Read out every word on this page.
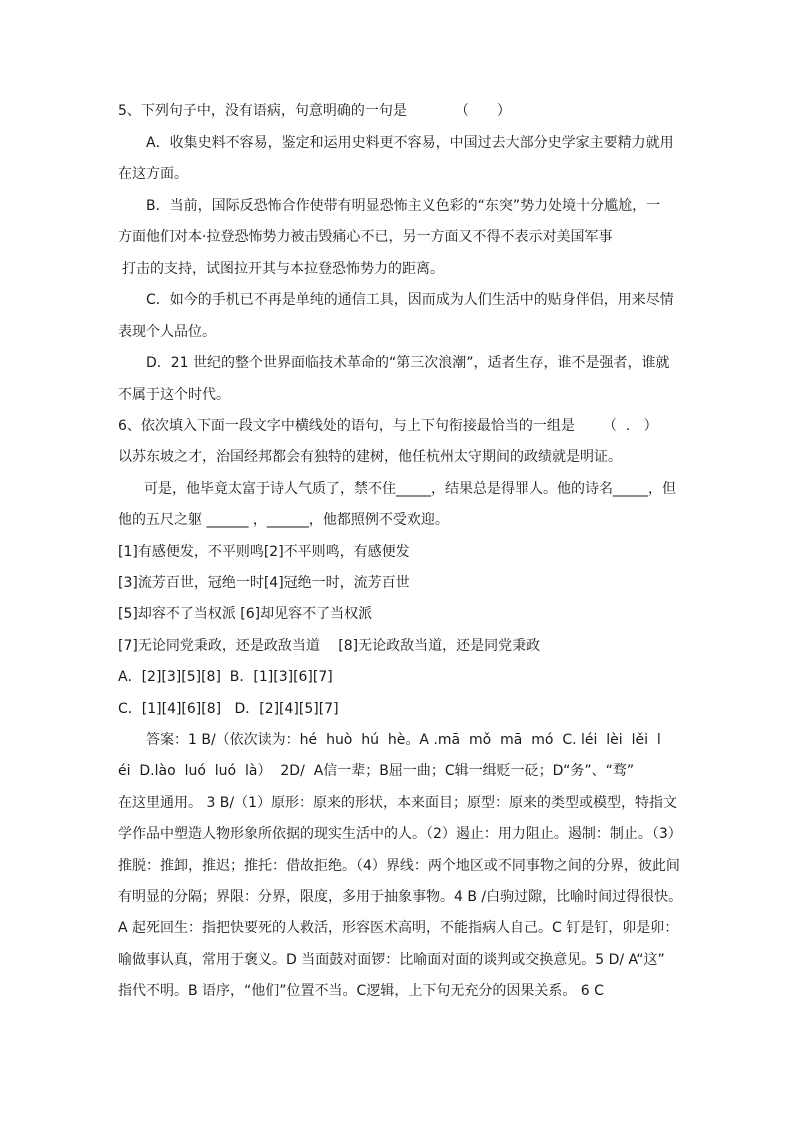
5、下列句子中，没有语病，句意明确的一句是	（　　）
A．收集史料不容易，鉴定和运用史料更不容易，中国过去大部分史学家主要精力就用
在这方面。
B．当前，国际反恐怖合作使带有明显恐怖主义色彩的“东突”势力处境十分尴尬，一
方面他们对本·拉登恐怖势力被击毁痛心不已，另一方面又不得不表示对美国军事
打击的支持，试图拉开其与本拉登恐怖势力的距离。
C．如今的手机已不再是单纯的通信工具，因而成为人们生活中的贴身伴侣，用来尽情
表现个人品位。
D．21 世纪的整个世界面临技术革命的“第三次浪潮”，适者生存，谁不是强者，谁就
不属于这个时代。
6、依次填入下面一段文字中横线处的语句，与上下句衔接最恰当的一组是 （  .   ）
以苏东坡之才，治国经邦都会有独特的建树，他任杭州太守期间的政绩就是明证。
可是，他毕竟太富于诗人气质了，禁不住_____，结果总是得罪人。他的诗名_____，但
他的五尺之躯 ______ ，______，他都照例不受欢迎。
[1]有感便发，不平则鸣[2]不平则鸣，有感便发
[3]流芳百世，冠绝一时[4]冠绝一时，流芳百世
[5]却容不了当权派 [6]却见容不了当权派
[7]无论同党秉政，还是政敌当道　 [8]无论政敌当道，还是同党秉政
A．[2][3][5][8]  B．[1][3][6][7]
C．[1][4][6][8]   D．[2][4][5][7]
答案：1 B/（依次读为：hé  huò  hú  hè。A .mā  mǒ  mā  mó  C. léi  lèi  lěi  l
éi  D.lào  luó  luó  là）  2D/  A信一辈；B屈一曲；C辑一缉贬一砭；D“务”、“骛”
在这里通用。 3 B/（1）原形：原来的形状，本来面目；原型：原来的类型或模型，特指文
学作品中塑造人物形象所依据的现实生活中的人。（2）遏止：用力阻止。遏制：制止。（3）
推脱：推卸，推迟；推托：借故拒绝。（4）界线：两个地区或不同事物之间的分界，彼此间
有明显的分隔；界限：分界，限度，多用于抽象事物。4 B /白驹过隙，比喻时间过得很快。
A 起死回生：指把快要死的人救活，形容医术高明，不能指病人自己。C 钉是钉，卯是卯：
喻做事认真，常用于褒义。D 当面鼓对面锣：比喻面对面的谈判或交换意见。5 D/ A“这”
指代不明。B 语序，“他们”位置不当。C逻辑，上下句无充分的因果关系。 6 C
